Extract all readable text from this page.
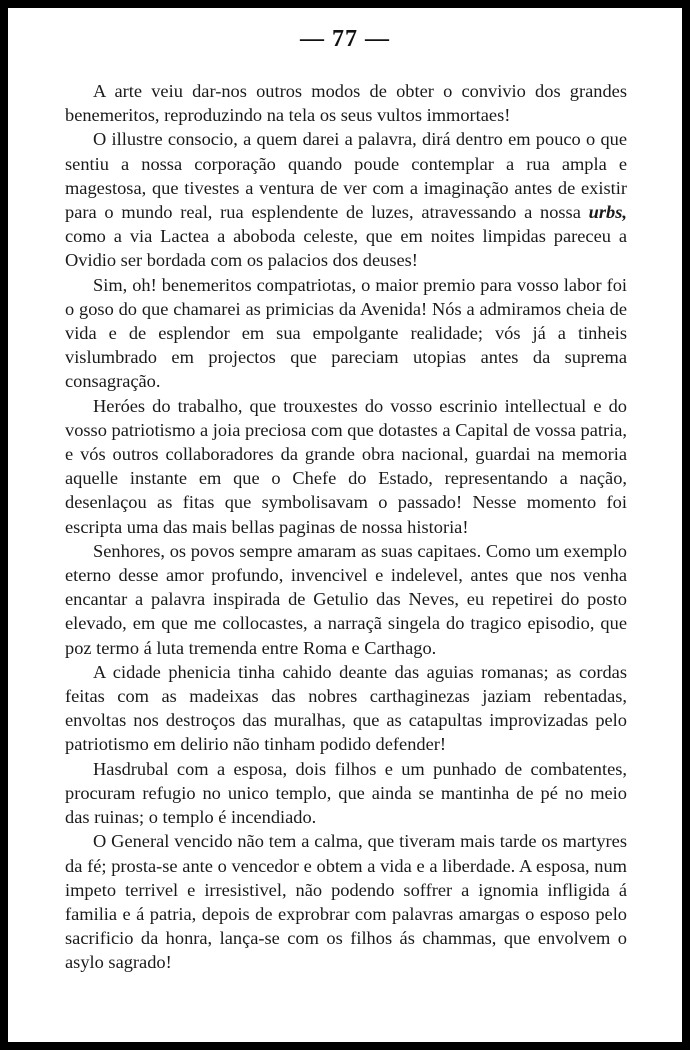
— 77 —

A arte veiu dar-nos outros modos de obter o convivio dos grandes benemeritos, reproduzindo na tela os seus vultos immortaes!

O illustre consocio, a quem darei a palavra, dirá dentro em pouco o que sentiu a nossa corporação quando poude contemplar a rua ampla e magestosa, que tivestes a ventura de ver com a imaginação antes de existir para o mundo real, rua esplendente de luzes, atravessando a nossa urbs, como a via Lactea a aboboda celeste, que em noites limpidas pareceu a Ovidio ser bordada com os palacios dos deuses!

Sim, oh! benemeritos compatriotas, o maior premio para vosso labor foi o goso do que chamarei as primicias da Avenida! Nós a admiramos cheia de vida e de esplendor em sua empolgante realidade; vós já a tinheis vislumbrado em projectos que pareciam utopias antes da suprema consagração.

Heróes do trabalho, que trouxestes do vosso escrinio intellectual e do vosso patriotismo a joia preciosa com que dotastes a Capital de vossa patria, e vós outros collaboradores da grande obra nacional, guardai na memoria aquelle instante em que o Chefe do Estado, representando a nação, desenlaçou as fitas que symbolisavam o passado! Nesse momento foi escripta uma das mais bellas paginas de nossa historia!

Senhores, os povos sempre amaram as suas capitaes. Como um exemplo eterno desse amor profundo, invencivel e indelevel, antes que nos venha encantar a palavra inspirada de Getulio das Neves, eu repetirei do posto elevado, em que me collocastes, a narraçã singela do tragico episodio, que poz termo á luta tremenda entre Roma e Carthago.

A cidade phenicia tinha cahido deante das aguias romanas; as cordas feitas com as madeixas das nobres carthaginezas jaziam rebentadas, envoltas nos destroços das muralhas, que as catapultas improvizadas pelo patriotismo em delirio não tinham podido defender!

Hasdrubal com a esposa, dois filhos e um punhado de combatentes, procuram refugio no unico templo, que ainda se mantinha de pé no meio das ruinas; o templo é incendiado.

O General vencido não tem a calma, que tiveram mais tarde os martyres da fé; prosta-se ante o vencedor e obtem a vida e a liberdade. A esposa, num impeto terrivel e irresistivel, não podendo soffrer a ignomia infligida á familia e á patria, depois de exprobrar com palavras amargas o esposo pelo sacrificio da honra, lança-se com os filhos ás chammas, que envolvem o asylo sagrado!
